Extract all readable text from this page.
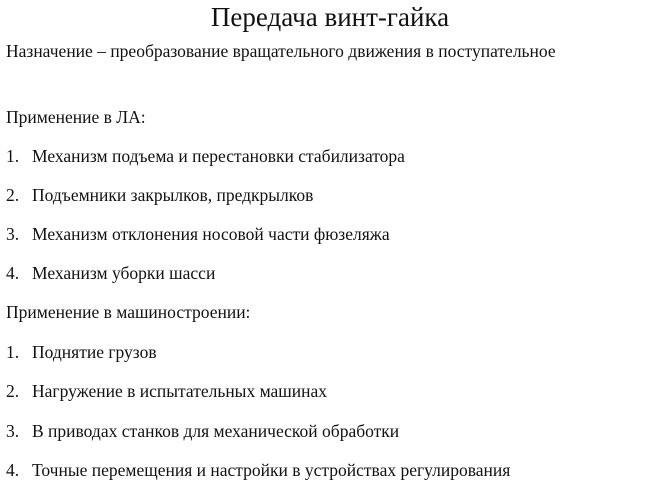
Передача винт-гайка
Назначение – преобразование вращательного движения в поступательное
Применение в ЛА:
1. Механизм подъема и перестановки стабилизатора
2. Подъемники закрылков, предкрылков
3. Механизм отклонения носовой части фюзеляжа
4. Механизм уборки шасси
Применение в машиностроении:
1. Поднятие грузов
2. Нагружение в испытательных машинах
3. В приводах станков для механической обработки
4. Точные перемещения и настройки в устройствах регулирования
